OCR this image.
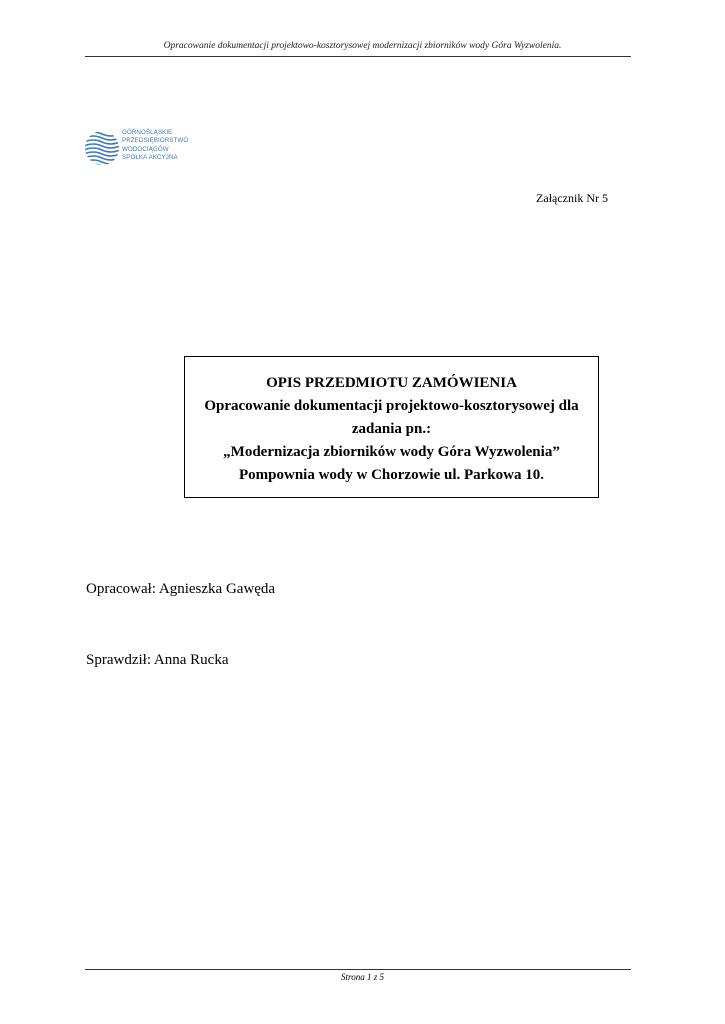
Opracowanie dokumentacji projektowo-kosztorysowej modernizacji zbiorników wody Góra Wyzwolenia.
GÓRNOŚLĄSKIE
PRZEDSIĘBIORSTWO
WODOCIĄGÓW
SPÓŁKA AKCYJNA
Załącznik Nr 5
OPIS PRZEDMIOTU ZAMÓWIENIA
Opracowanie dokumentacji projektowo-kosztorysowej dla
zadania pn.:
„Modernizacja zbiorników wody Góra Wyzwolenia”
Pompownia wody w Chorzowie ul. Parkowa 10.
Opracował: Agnieszka Gawęda
Sprawdził: Anna Rucka
Strona 1 z 5
